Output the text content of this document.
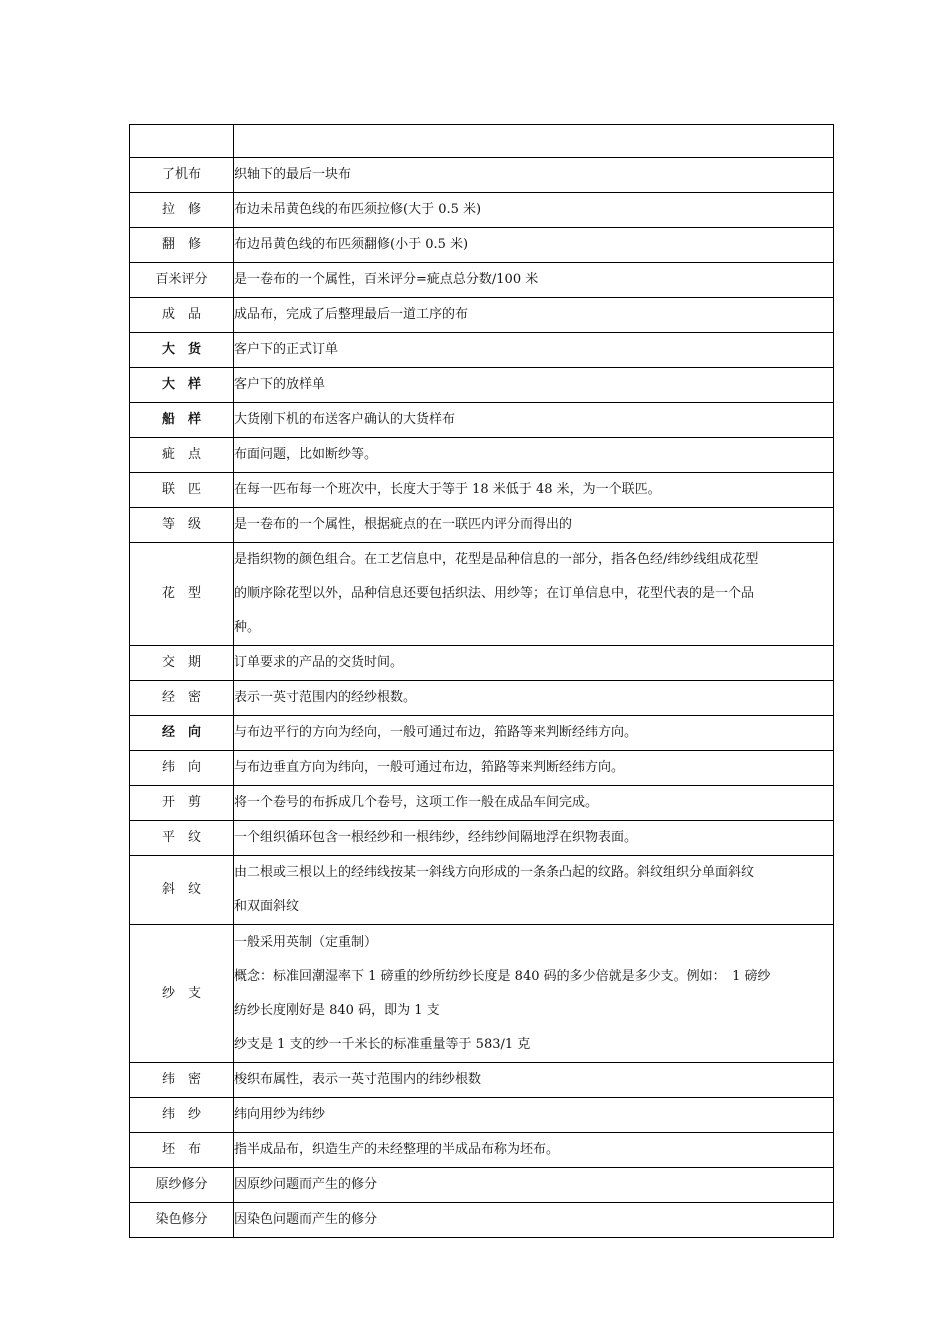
了机布	织轴下的最后一块布

拉　修	布边未吊黄色线的布匹须拉修(大于 0.5 米)

翻　修	布边吊黄色线的布匹须翻修(小于 0.5 米)

百米评分	是一卷布的一个属性，百米评分=疵点总分数/100 米

成　品	成品布，完成了后整理最后一道工序的布

大　货	客户下的正式订单

大　样	客户下的放样单

船　样	大货刚下机的布送客户确认的大货样布

疵　点	布面问题，比如断纱等。

联　匹	在每一匹布每一个班次中，长度大于等于 18 米低于 48 米，为一个联匹。

等　级	是一卷布的一个属性，根据疵点的在一联匹内评分而得出的

花　型	是指织物的颜色组合。在工艺信息中，花型是品种信息的一部分，指各色经/纬纱线组成花型
的顺序除花型以外，品种信息还要包括织法、用纱等；在订单信息中，花型代表的是一个品
种。

交　期	订单要求的产品的交货时间。

经　密	表示一英寸范围内的经纱根数。

经　向	与布边平行的方向为经向，一般可通过布边，筘路等来判断经纬方向。

纬　向	与布边垂直方向为纬向，一般可通过布边，筘路等来判断经纬方向。

开　剪	将一个卷号的布拆成几个卷号，这项工作一般在成品车间完成。

平　纹	一个组织循环包含一根经纱和一根纬纱，经纬纱间隔地浮在织物表面。

斜　纹	由二根或三根以上的经纬线按某一斜线方向形成的一条条凸起的纹路。斜纹组织分单面斜纹
和双面斜纹

纱　支	一般采用英制（定重制）
概念：标准回潮湿率下 1 磅重的纱所纺纱长度是 840 码的多少倍就是多少支。例如：　1 磅纱
纺纱长度刚好是 840 码，即为 1 支
纱支是 1 支的纱一千米长的标准重量等于 583/1 克

纬　密	梭织布属性，表示一英寸范围内的纬纱根数

纬　纱	纬向用纱为纬纱

坯　布	指半成品布，织造生产的未经整理的半成品布称为坯布。

原纱修分	因原纱问题而产生的修分

染色修分	因染色问题而产生的修分
